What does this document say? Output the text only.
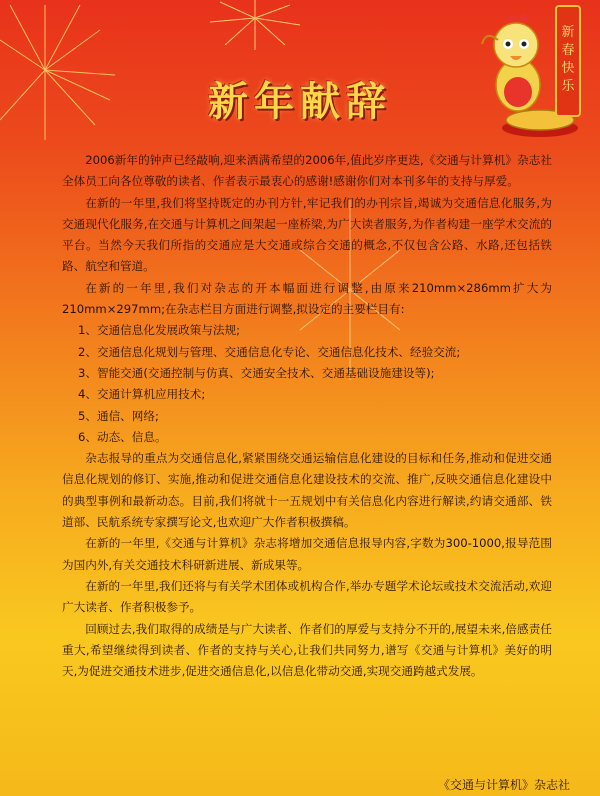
新年献辞
新
春
快
乐

2006新年的钟声已经敲响,迎来洒满希望的2006年,值此岁序更迭,《交通与计算机》杂志社全体员工向各位尊敬的读者、作者表示最衷心的感谢!感谢你们对本刊多年的支持与厚爱。

在新的一年里,我们将坚持既定的办刊方针,牢记我们的办刊宗旨,竭诚为交通信息化服务,为交通现代化服务,在交通与计算机之间架起一座桥梁,为广大读者服务,为作者构建一座学术交流的平台。当然今天我们所指的交通应是大交通或综合交通的概念,不仅包含公路、水路,还包括铁路、航空和管道。

在新的一年里,我们对杂志的开本幅面进行调整,由原来210mm×286mm扩大为210mm×297mm;在杂志栏目方面进行调整,拟设定的主要栏目有:

1、交通信息化发展政策与法规;

2、交通信息化规划与管理、交通信息化专论、交通信息化技术、经验交流;

3、智能交通(交通控制与仿真、交通安全技术、交通基础设施建设等);

4、交通计算机应用技术;

5、通信、网络;

6、动态、信息。

杂志报导的重点为交通信息化,紧紧围绕交通运输信息化建设的目标和任务,推动和促进交通信息化规划的修订、实施,推动和促进交通信息化建设技术的交流、推广,反映交通信息化建设中的典型事例和最新动态。目前,我们将就十一五规划中有关信息化内容进行解读,约请交通部、铁道部、民航系统专家撰写论文,也欢迎广大作者积极撰稿。

在新的一年里,《交通与计算机》杂志将增加交通信息报导内容,字数为300-1000,报导范围为国内外,有关交通技术科研新进展、新成果等。

在新的一年里,我们还将与有关学术团体或机构合作,举办专题学术论坛或技术交流活动,欢迎广大读者、作者积极参予。

回顾过去,我们取得的成绩是与广大读者、作者们的厚爱与支持分不开的,展望未来,倍感责任重大,希望继续得到读者、作者的支持与关心,让我们共同努力,谱写《交通与计算机》美好的明天,为促进交通技术进步,促进交通信息化,以信息化带动交通,实现交通跨越式发展。

《交通与计算机》杂志社
